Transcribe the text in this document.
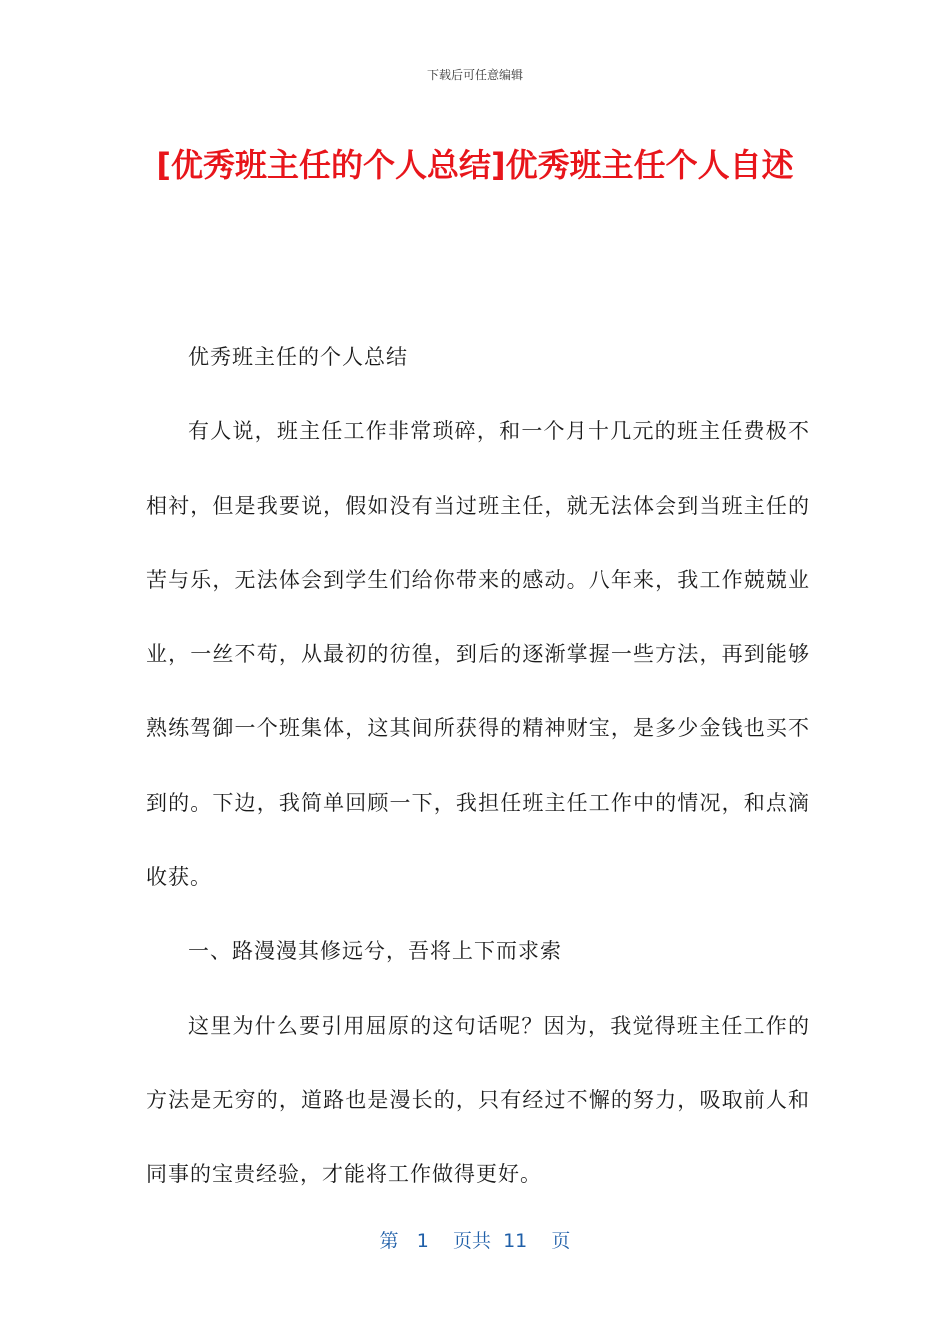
下载后可任意编辑
[优秀班主任的个人总结]优秀班主任个人自述

优秀班主任的个人总结

有人说，班主任工作非常琐碎，和一个月十几元的班主任费极不相衬，但是我要说，假如没有当过班主任，就无法体会到当班主任的苦与乐，无法体会到学生们给你带来的感动。八年来，我工作兢兢业业，一丝不苟，从最初的彷徨，到后的逐渐掌握一些方法，再到能够熟练驾御一个班集体，这其间所获得的精神财宝，是多少金钱也买不到的。下边，我简单回顾一下，我担任班主任工作中的情况，和点滴收获。

一、路漫漫其修远兮，吾将上下而求索

这里为什么要引用屈原的这句话呢？因为，我觉得班主任工作的方法是无穷的，道路也是漫长的，只有经过不懈的努力，吸取前人和同事的宝贵经验，才能将工作做得更好。

第 1 页共 11 页
